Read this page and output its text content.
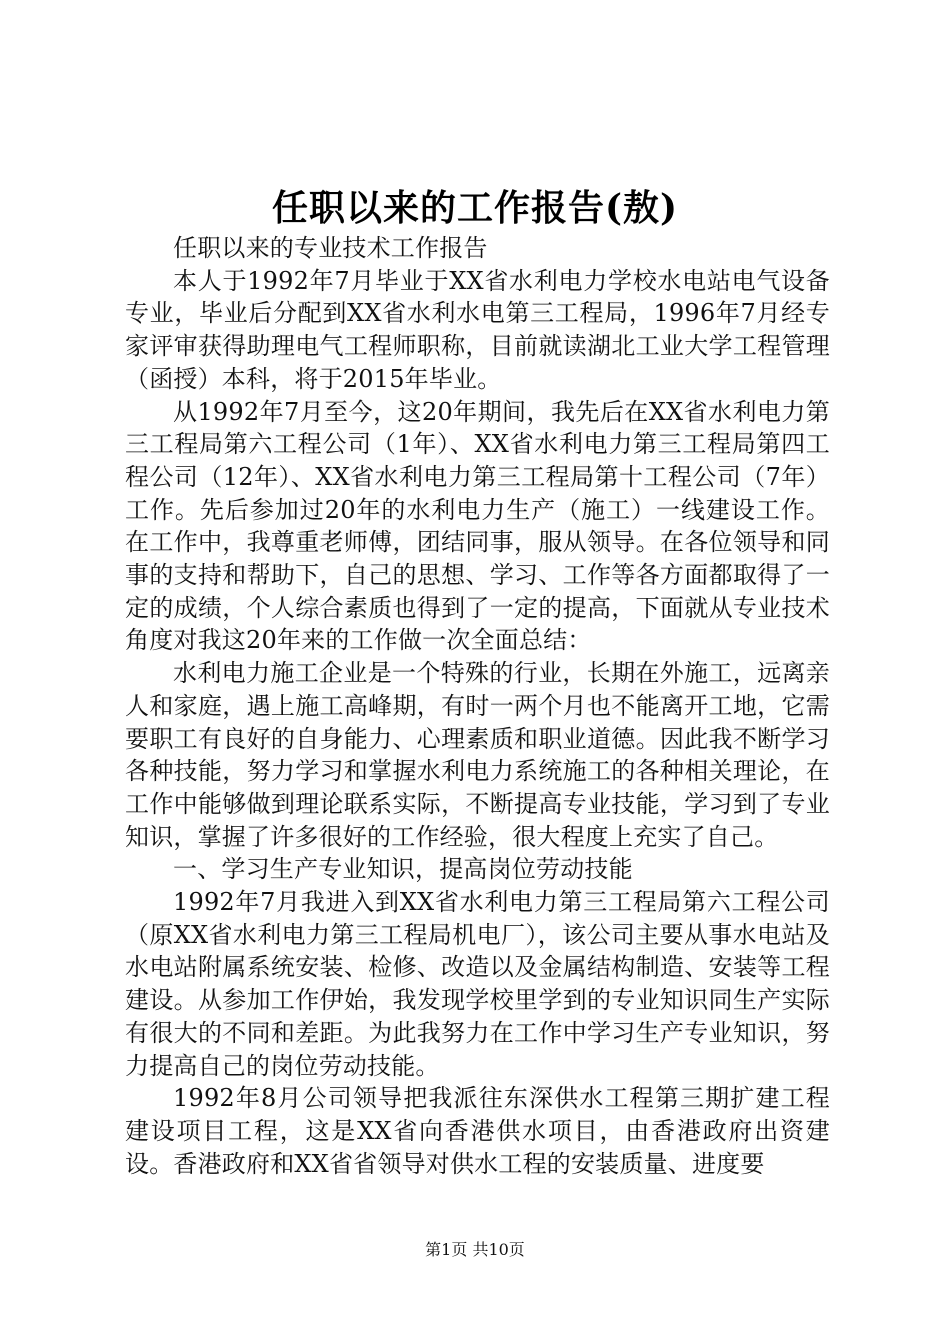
任职以来的工作报告(敖)

任职以来的专业技术工作报告

本人于1992年7月毕业于XX省水利电力学校水电站电气设备专业，毕业后分配到XX省水利水电第三工程局，1996年7月经专家评审获得助理电气工程师职称，目前就读湖北工业大学工程管理（函授）本科，将于2015年毕业。

从1992年7月至今，这20年期间，我先后在XX省水利电力第三工程局第六工程公司（1年）、XX省水利电力第三工程局第四工程公司（12年）、XX省水利电力第三工程局第十工程公司（7年）工作。先后参加过20年的水利电力生产（施工）一线建设工作。在工作中，我尊重老师傅，团结同事，服从领导。在各位领导和同事的支持和帮助下，自己的思想、学习、工作等各方面都取得了一定的成绩，个人综合素质也得到了一定的提高，下面就从专业技术角度对我这20年来的工作做一次全面总结：

水利电力施工企业是一个特殊的行业，长期在外施工，远离亲人和家庭，遇上施工高峰期，有时一两个月也不能离开工地，它需要职工有良好的自身能力、心理素质和职业道德。因此我不断学习各种技能，努力学习和掌握水利电力系统施工的各种相关理论，在工作中能够做到理论联系实际，不断提高专业技能，学习到了专业知识，掌握了许多很好的工作经验，很大程度上充实了自己。

一、学习生产专业知识，提高岗位劳动技能

1992年7月我进入到XX省水利电力第三工程局第六工程公司（原XX省水利电力第三工程局机电厂），该公司主要从事水电站及水电站附属系统安装、检修、改造以及金属结构制造、安装等工程建设。从参加工作伊始，我发现学校里学到的专业知识同生产实际有很大的不同和差距。为此我努力在工作中学习生产专业知识，努力提高自己的岗位劳动技能。

1992年8月公司领导把我派往东深供水工程第三期扩建工程建设项目工程，这是XX省向香港供水项目，由香港政府出资建设。香港政府和XX省省领导对供水工程的安装质量、进度要

第1页 共10页
